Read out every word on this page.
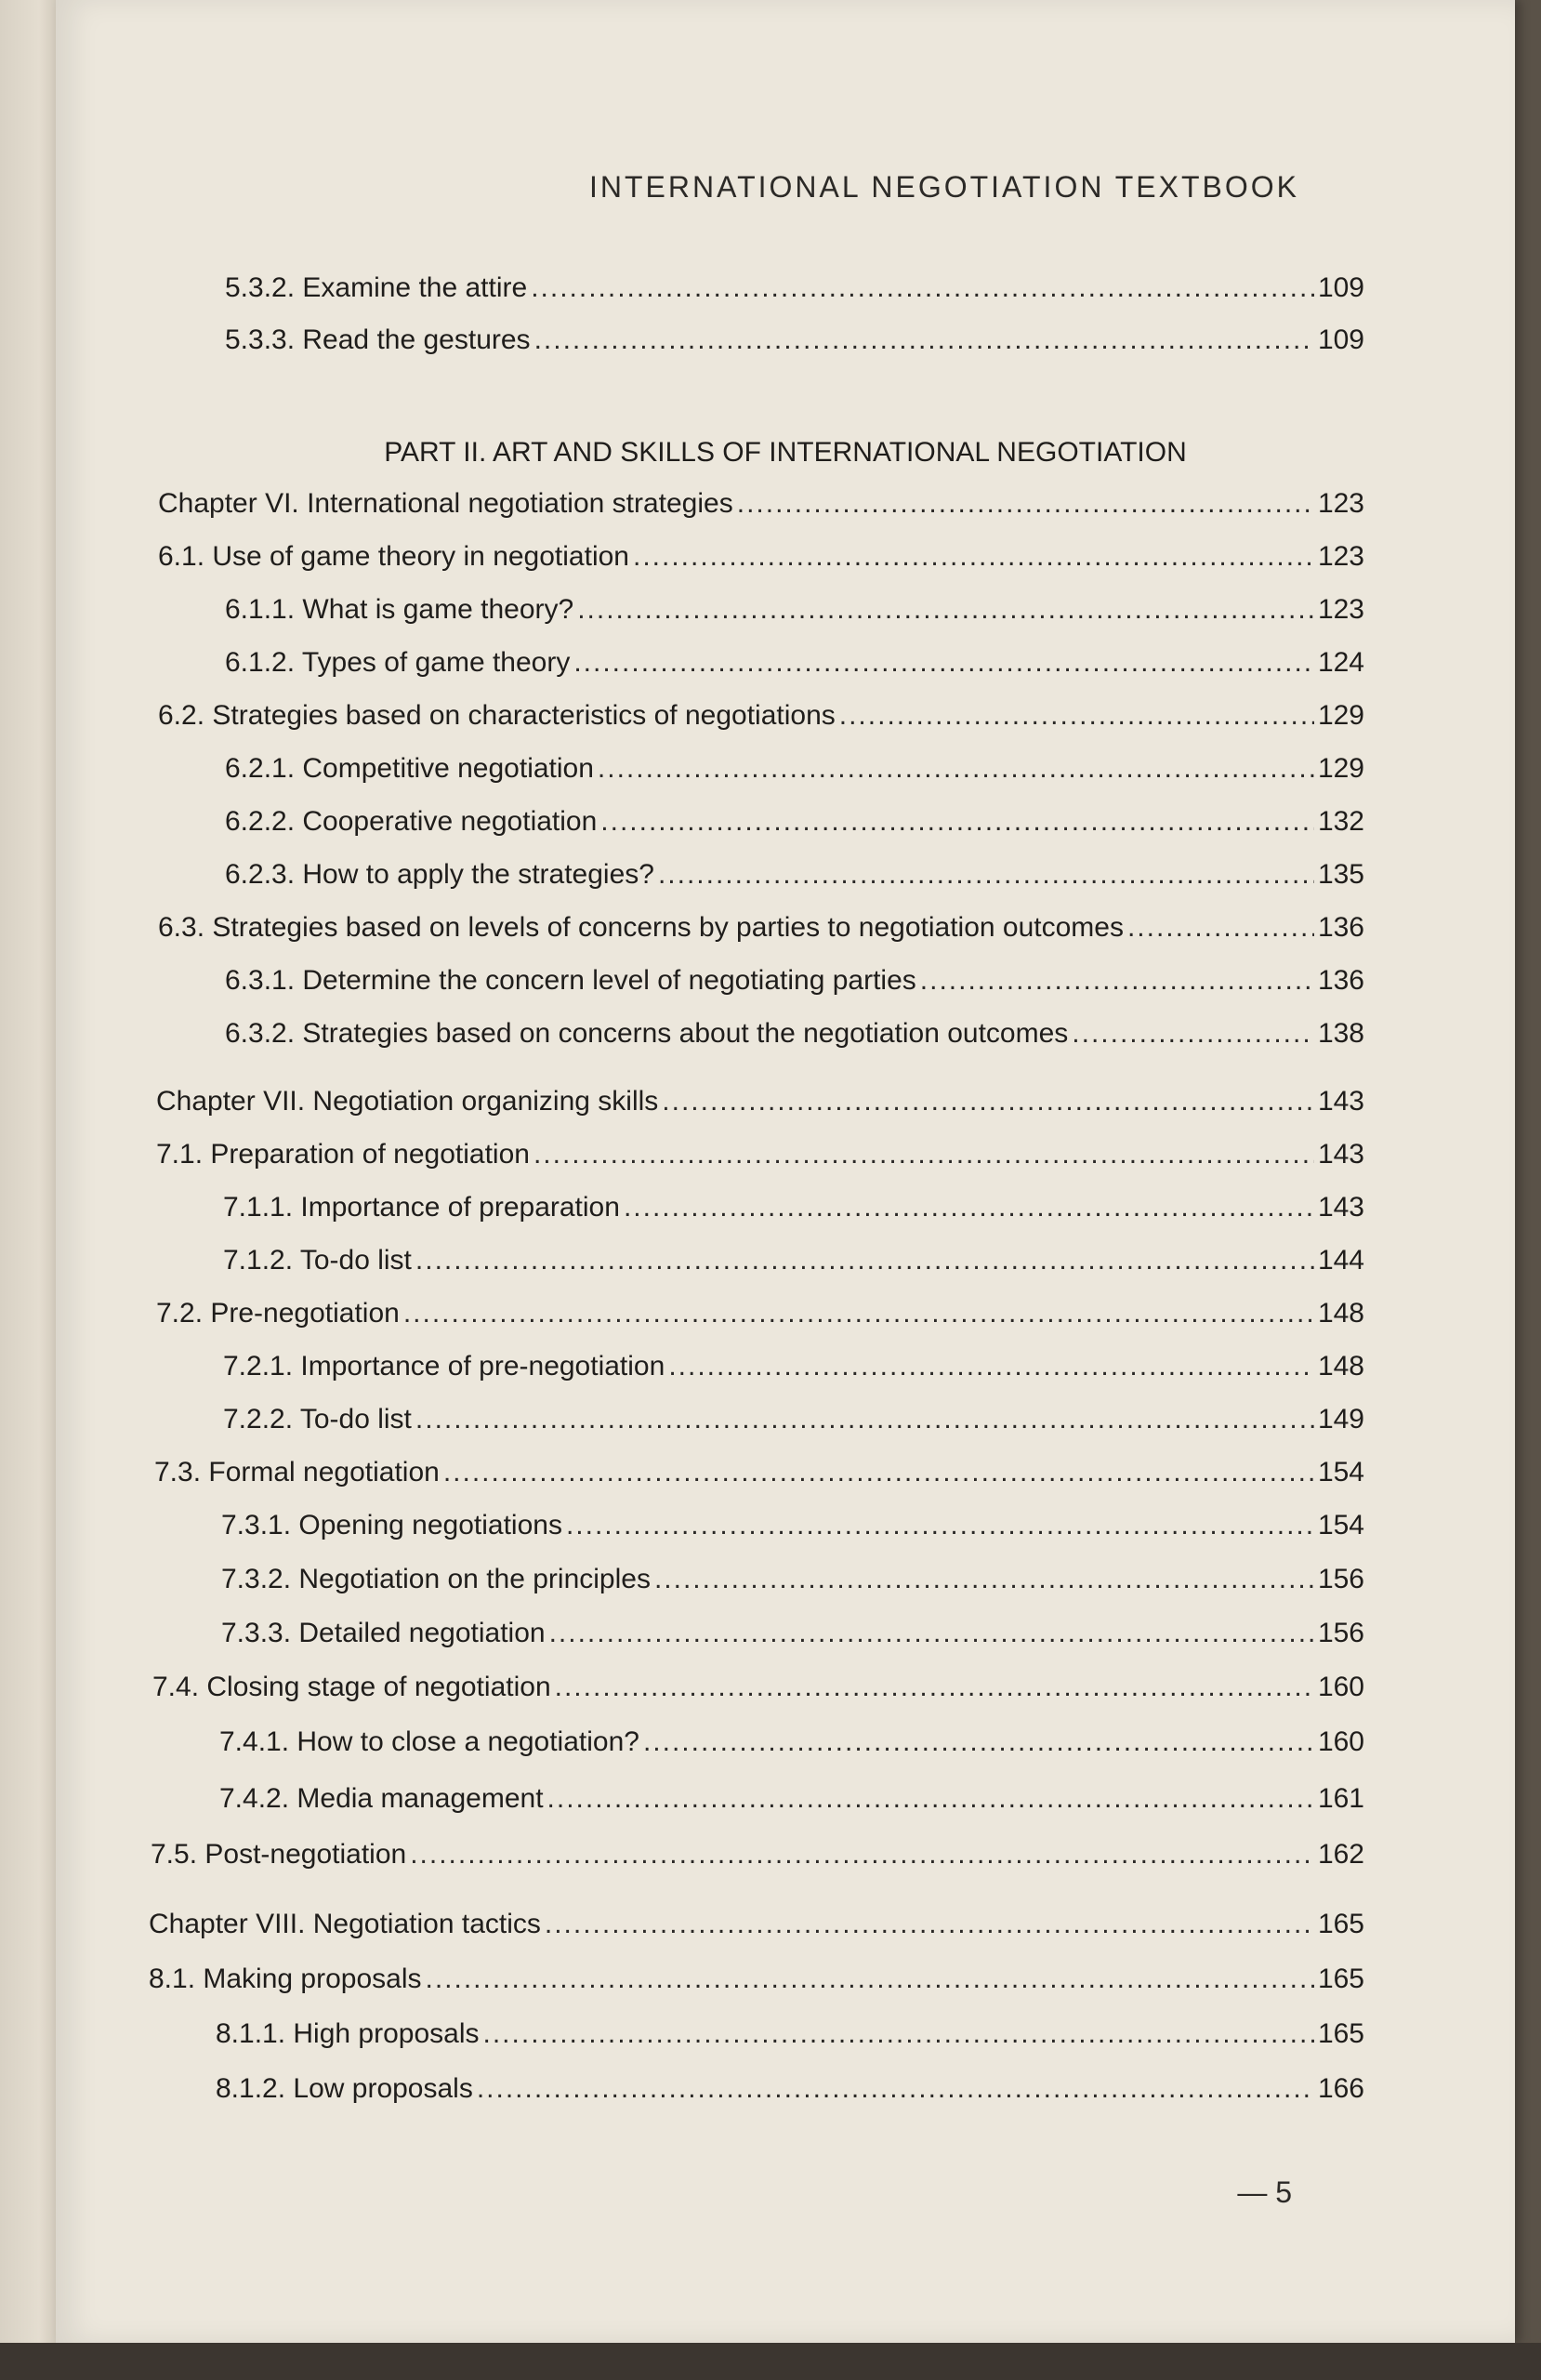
INTERNATIONAL NEGOTIATION TEXTBOOK
PART II. ART AND SKILLS OF INTERNATIONAL NEGOTIATION
5.3.2. Examine the attire .....	109
5.3.3. Read the gestures .....	109
Chapter VI. International negotiation strategies .....	123
6.1. Use of game theory in negotiation .....	123
6.1.1. What is game theory? .....	123
6.1.2. Types of game theory .....	124
6.2. Strategies based on characteristics of negotiations .....	129
6.2.1. Competitive negotiation .....	129
6.2.2. Cooperative negotiation .....	132
6.2.3. How to apply the strategies? .....	135
6.3. Strategies based on levels of concerns by parties to negotiation outcomes .....	136
6.3.1. Determine the concern level of negotiating parties .....	136
6.3.2. Strategies based on concerns about the negotiation outcomes .....	138
Chapter VII. Negotiation organizing skills .....	143
7.1. Preparation of negotiation .....	143
7.1.1. Importance of preparation .....	143
7.1.2. To-do list .....	144
7.2. Pre-negotiation .....	148
7.2.1. Importance of pre-negotiation .....	148
7.2.2. To-do list .....	149
7.3. Formal negotiation .....	154
7.3.1. Opening negotiations .....	154
7.3.2. Negotiation on the principles .....	156
7.3.3. Detailed negotiation .....	156
7.4. Closing stage of negotiation .....	160
7.4.1. How to close a negotiation? .....	160
7.4.2. Media management .....	161
7.5. Post-negotiation .....	162
Chapter VIII. Negotiation tactics .....	165
8.1. Making proposals .....	165
8.1.1. High proposals .....	165
8.1.2. Low proposals .....	166
— 5
